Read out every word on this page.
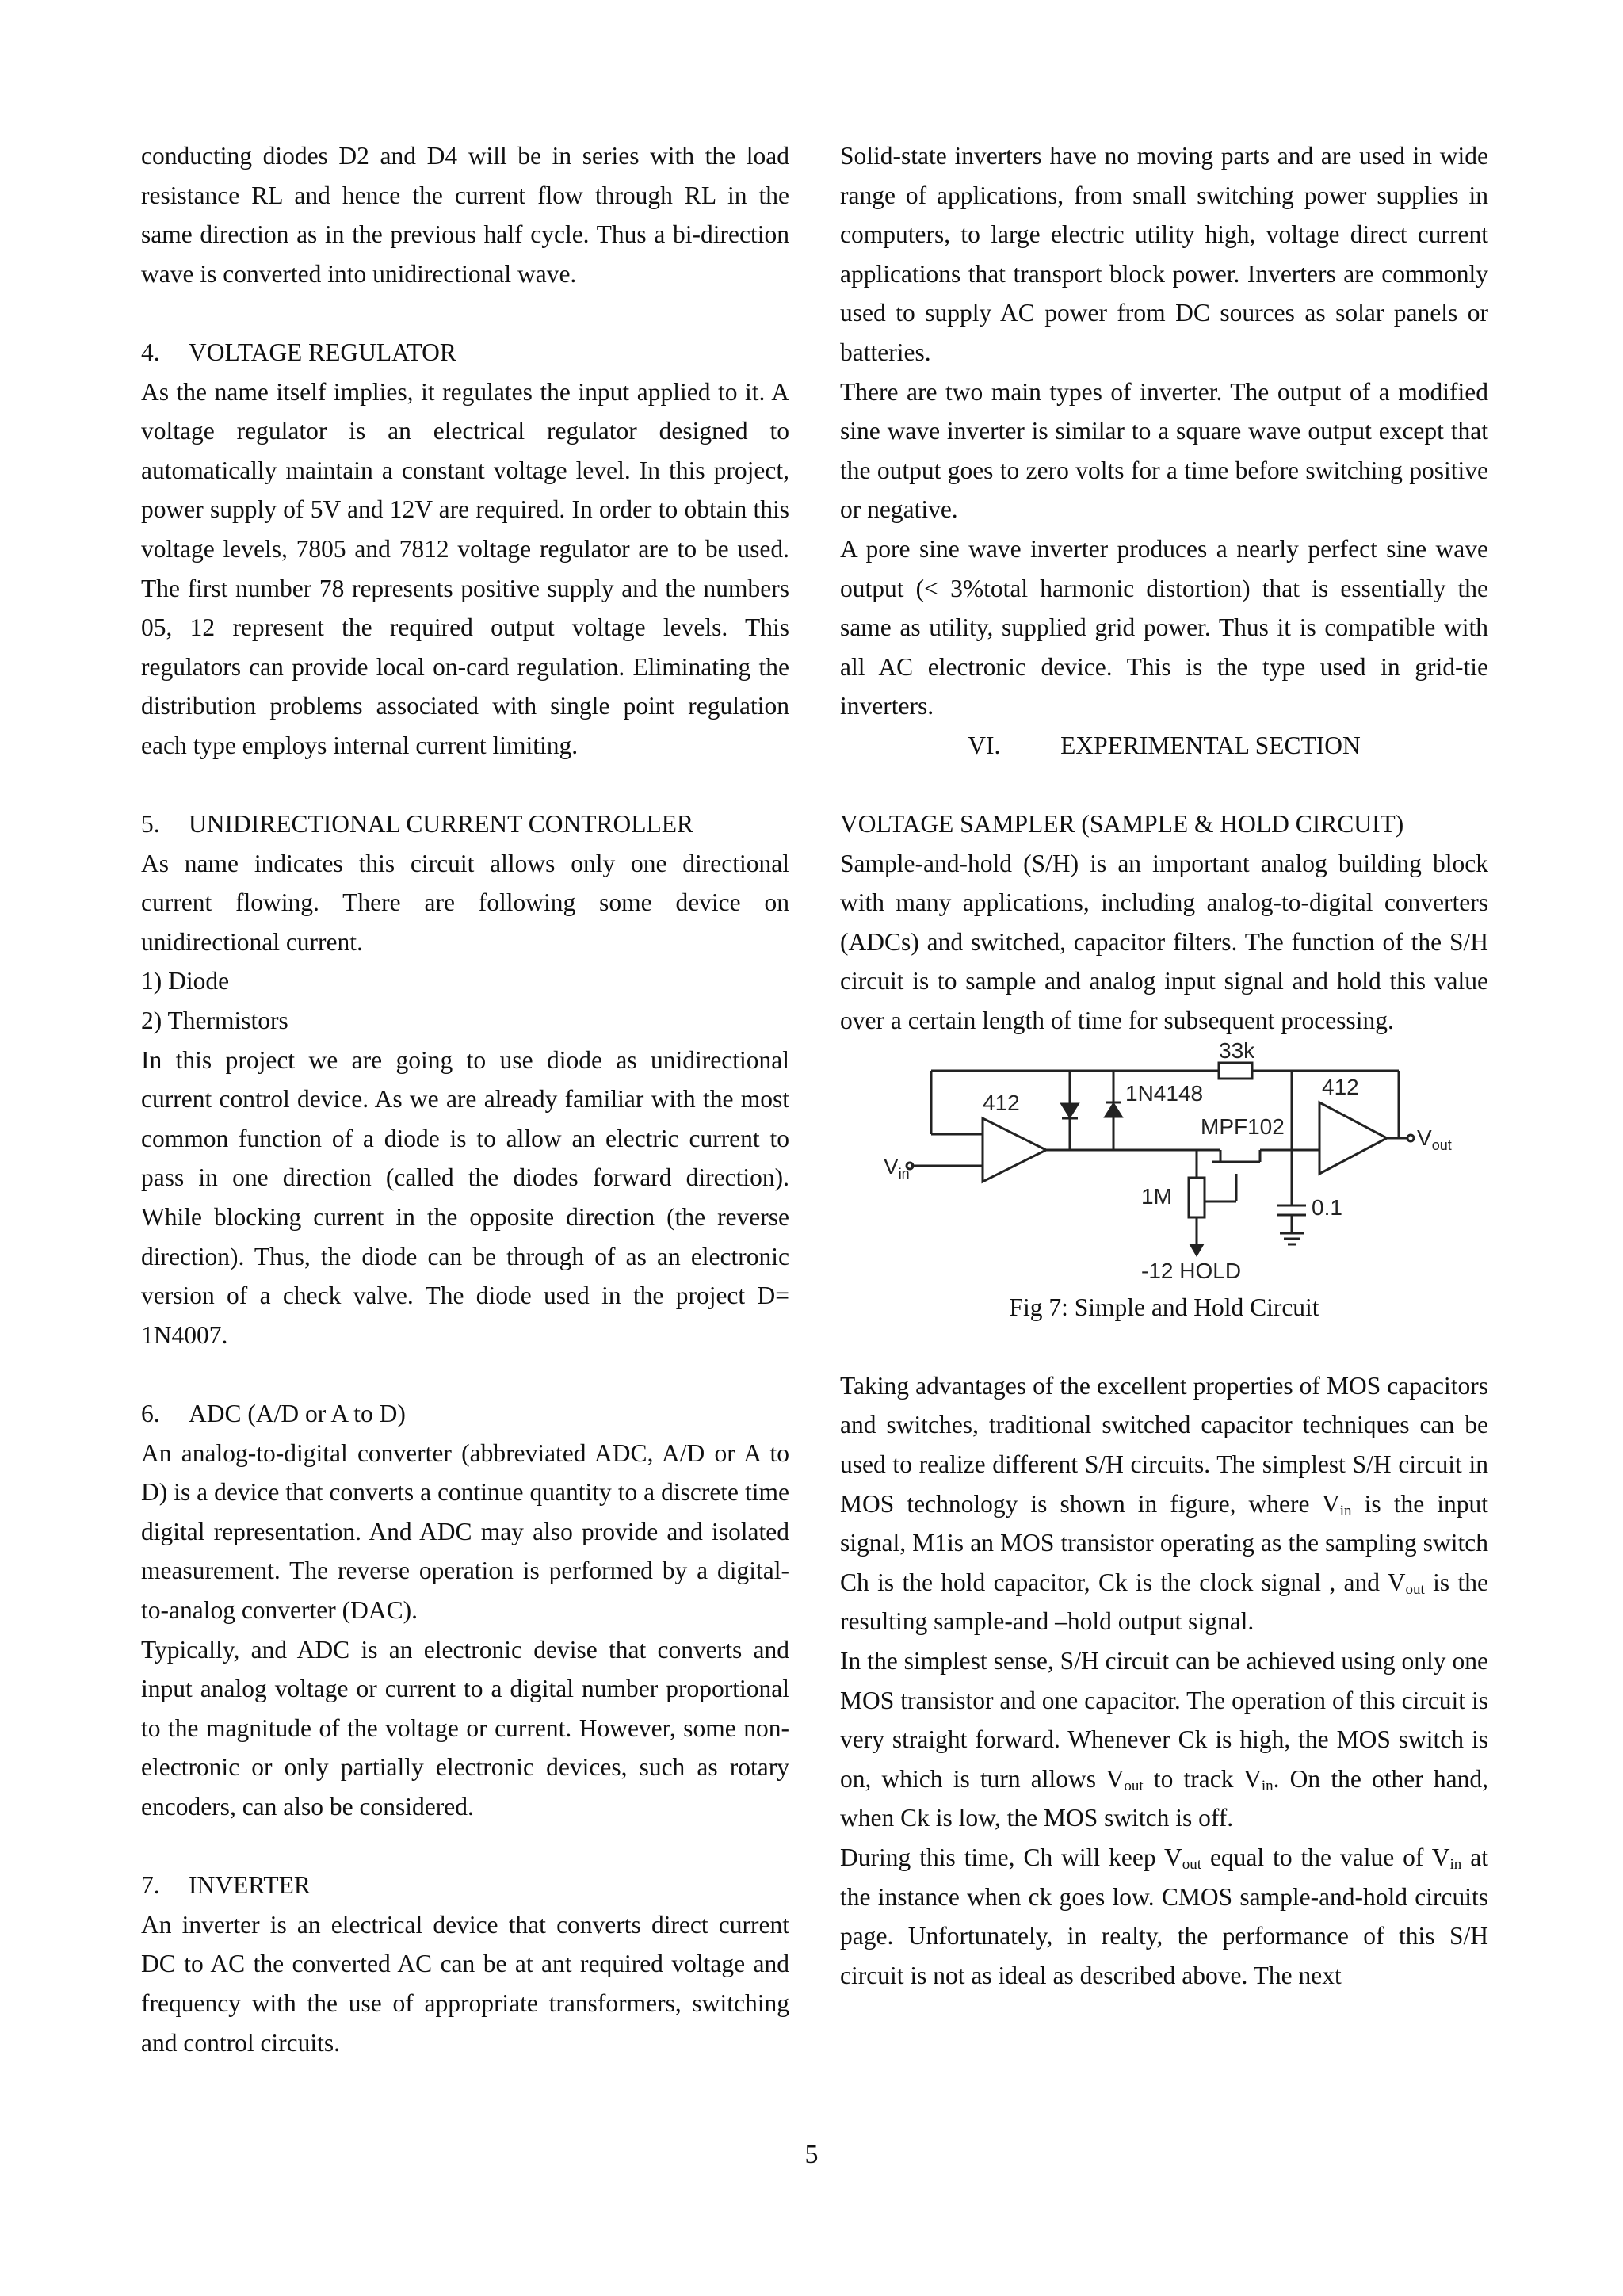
conducting diodes D2 and D4 will be in series with the load resistance RL and hence the current flow through RL in the same direction as in the previous half cycle. Thus a bi-direction wave is converted into unidirectional wave.

4.	VOLTAGE REGULATOR

As the name itself implies, it regulates the input applied to it. A voltage regulator is an electrical regulator designed to automatically maintain a constant voltage level. In this project, power supply of 5V and 12V are required. In order to obtain this voltage levels, 7805 and 7812 voltage regulator are to be used. The first number 78 represents positive supply and the numbers 05, 12 represent the required output voltage levels. This regulators can provide local on-card regulation. Eliminating the distribution problems associated with single point regulation each type employs internal current limiting.

5.	UNIDIRECTIONAL CURRENT CONTROLLER

As name indicates this circuit allows only one directional current flowing. There are following some device on unidirectional current.

1) Diode

2) Thermistors

In this project we are going to use diode as unidirectional current control device. As we are already familiar with the most common function of a diode is to allow an electric current to pass in one direction (called the diodes forward direction). While blocking current in the opposite direction (the reverse direction). Thus, the diode can be through of as an electronic version of a check valve. The diode used in the project D= 1N4007.

6.	ADC (A/D or A to D)

An analog-to-digital converter (abbreviated ADC, A/D or A to D) is a device that converts a continue quantity to a discrete time digital representation. And ADC may also provide and isolated measurement. The reverse operation is performed by a digital-to-analog converter (DAC).

Typically, and ADC is an electronic devise that converts and input analog voltage or current to a digital number proportional to the magnitude of the voltage or current. However, some non-electronic or only partially electronic devices, such as rotary encoders, can also be considered.

7.	INVERTER

An inverter is an electrical device that converts direct current DC to AC the converted AC can be at ant required voltage and frequency with the use of appropriate transformers, switching and control circuits.

Solid-state inverters have no moving parts and are used in wide range of applications, from small switching power supplies in computers, to large electric utility high, voltage direct current applications that transport block power. Inverters are commonly used to supply AC power from DC sources as solar panels or batteries.

There are two main types of inverter. The output of a modified sine wave inverter is similar to a square wave output except that the output goes to zero volts for a time before switching positive or negative.

A pore sine wave inverter produces a nearly perfect sine wave output (< 3%total harmonic distortion) that is essentially the same as utility, supplied grid power. Thus it is compatible with all AC electronic device. This is the type used in grid-tie inverters.

VI. EXPERIMENTAL SECTION

VOLTAGE SAMPLER (SAMPLE & HOLD CIRCUIT)

Sample-and-hold (S/H) is an important analog building block with many applications, including analog-to-digital converters (ADCs) and switched, capacitor filters. The function of the S/H circuit is to sample and analog input signal and hold this value over a certain length of time for subsequent processing.

33k
412
$V_{in}$
1N4148
MPF102
1M
-12 HOLD
0.1
412
$V_{out}$

Fig 7: Simple and Hold Circuit

Taking advantages of the excellent properties of MOS capacitors and switches, traditional switched capacitor techniques can be used to realize different S/H circuits. The simplest S/H circuit in MOS technology is shown in figure, where $V_{in}$ is the input signal, M1is an MOS transistor operating as the sampling switch Ch is the hold capacitor, Ck is the clock signal , and $V_{out}$ is the resulting sample-and –hold output signal.

In the simplest sense, S/H circuit can be achieved using only one MOS transistor and one capacitor. The operation of this circuit is very straight forward. Whenever Ck is high, the MOS switch is on, which is turn allows $V_{out}$ to track $V_{in}$. On the other hand, when Ck is low, the MOS switch is off.

During this time, Ch will keep $V_{out}$ equal to the value of $V_{in}$ at the instance when ck goes low. CMOS sample-and-hold circuits page. Unfortunately, in realty, the performance of this S/H circuit is not as ideal as described above. The next

5
